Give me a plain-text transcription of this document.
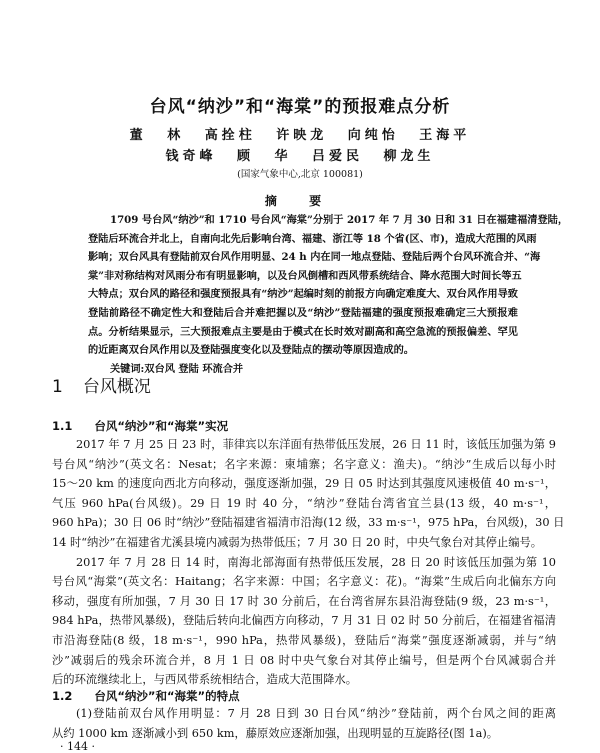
台风“纳沙”和“海棠”的预报难点分析
董 林 高拴柱 许映龙 向纯怡 王海平
钱奇峰 顾 华 吕爱民 柳龙生
(国家气象中心,北京 100081)
摘 要
1709 号台风“纳沙”和 1710 号台风“海棠”分别于 2017 年 7 月 30 日和 31 日在福建福清登陆，
登陆后环流合并北上，自南向北先后影响台湾、福建、浙江等 18 个省(区、市)，造成大范围的风雨
影响；双台风具有登陆前双台风作用明显、24 h 内在同一地点登陆、登陆后两个台风环流合并、“海
棠”非对称结构对风雨分布有明显影响，以及台风倒槽和西风带系统结合、降水范围大时间长等五
大特点；双台风的路径和强度预报具有“纳沙”起编时刻的前报方向确定难度大、双台风作用导致
登陆前路径不确定性大和登陆后合并难把握以及“纳沙”登陆福建的强度预报难确定三大预报难
点。分析结果显示，三大预报难点主要是由于模式在长时效对副高和高空急流的预报偏差、罕见
的近距离双台风作用以及登陆强度变化以及登陆点的摆动等原因造成的。
关键词:双台风 登陆 环流合并
1 台风概况
1.1 台风“纳沙”和“海棠”实况
2017 年 7 月 25 日 23 时，菲律宾以东洋面有热带低压发展，26 日 11 时，该低压加强为第 9
号台风“纳沙”(英文名：Nesat；名字来源：柬埔寨；名字意义：渔夫)。“纳沙”生成后以每小时
15～20 km 的速度向西北方向移动，强度逐渐加强，29 日 05 时达到其强度风速极值 40 m·s⁻¹，
气压 960 hPa(台风级)。29 日 19 时 40 分，“纳沙”登陆台湾省宜兰县(13 级，40 m·s⁻¹，
960 hPa)；30 日 06 时“纳沙”登陆福建省福清市沿海(12 级，33 m·s⁻¹，975 hPa，台风级)，30 日
14 时“纳沙”在福建省尤溪县境内减弱为热带低压；7 月 30 日 20 时，中央气象台对其停止编号。
2017 年 7 月 28 日 14 时，南海北部海面有热带低压发展，28 日 20 时该低压加强为第 10
号台风“海棠”(英文名：Haitang；名字来源：中国；名字意义：花)。“海棠”生成后向北偏东方向
移动，强度有所加强，7 月 30 日 17 时 30 分前后，在台湾省屏东县沿海登陆(9 级，23 m·s⁻¹，
984 hPa，热带风暴级)，登陆后转向北偏西方向移动，7 月 31 日 02 时 50 分前后，在福建省福清
市沿海登陆(8 级，18 m·s⁻¹，990 hPa，热带风暴级)，登陆后“海棠”强度逐渐减弱，并与“纳
沙”减弱后的残余环流合并，8 月 1 日 08 时中央气象台对其停止编号，但是两个台风减弱合并
后的环流继续北上，与西风带系统相结合，造成大范围降水。
1.2 台风“纳沙”和“海棠”的特点
(1)登陆前双台风作用明显：7 月 28 日到 30 日台风“纳沙”登陆前，两个台风之间的距离
从约 1000 km 逐渐减小到 650 km，藤原效应逐渐加强，出现明显的互旋路径(图 1a)。
· 144 ·
